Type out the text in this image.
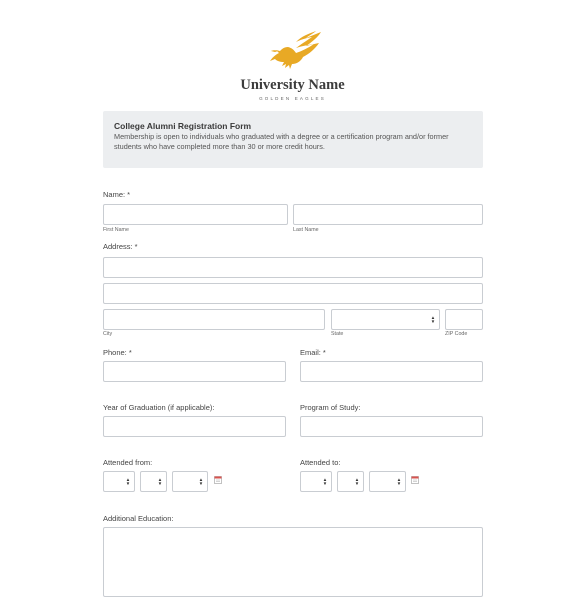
University Name
GOLDEN EAGLES
College Alumni Registration Form
Membership is open to individuals who graduated with a degree or a certification program and/or former students who have completed more than 30 or more credit hours.
Name: *
First Name	Last Name
Address: *
▲
▼
City	State	ZIP Code
Phone: *	Email: *
Year of Graduation (if applicable):	Program of Study:
Attended from:
▲
▼
▲
▼
▲
▼
Attended to:
▲
▼
▲
▼
▲
▼
Additional Education:
